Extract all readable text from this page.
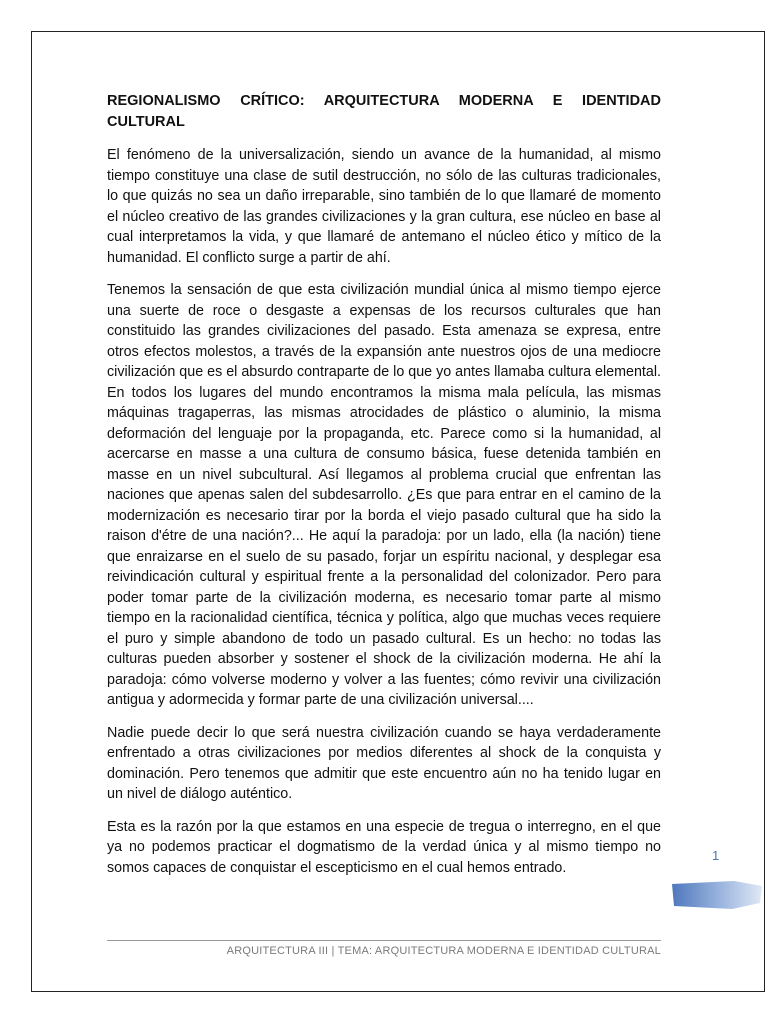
REGIONALISMO CRÍTICO: ARQUITECTURA MODERNA E IDENTIDAD CULTURAL

El fenómeno de la universalización, siendo un avance de la humanidad, al mismo tiempo constituye una clase de sutil destrucción, no sólo de las culturas tradicionales, lo que quizás no sea un daño irreparable, sino también de lo que llamaré de momento el núcleo creativo de las grandes civilizaciones y la gran cultura, ese núcleo en base al cual interpretamos la vida, y que llamaré de antemano el núcleo ético y mítico de la humanidad. El conflicto surge a partir de ahí.

Tenemos la sensación de que esta civilización mundial única al mismo tiempo ejerce una suerte de roce o desgaste a expensas de los recursos culturales que han constituido las grandes civilizaciones del pasado. Esta amenaza se expresa, entre otros efectos molestos, a través de la expansión ante nuestros ojos de una mediocre civilización que es el absurdo contraparte de lo que yo antes llamaba cultura elemental. En todos los lugares del mundo encontramos la misma mala película, las mismas máquinas tragaperras, las mismas atrocidades de plástico o aluminio, la misma deformación del lenguaje por la propaganda, etc. Parece como si la humanidad, al acercarse en masse a una cultura de consumo básica, fuese detenida también en masse en un nivel subcultural. Así llegamos al problema crucial que enfrentan las naciones que apenas salen del subdesarrollo. ¿Es que para entrar en el camino de la modernización es necesario tirar por la borda el viejo pasado cultural que ha sido la raison d'étre de una nación?... He aquí la paradoja: por un lado, ella (la nación) tiene que enraizarse en el suelo de su pasado, forjar un espíritu nacional, y desplegar esa reivindicación cultural y espiritual frente a la personalidad del colonizador. Pero para poder tomar parte de la civilización moderna, es necesario tomar parte al mismo tiempo en la racionalidad científica, técnica y política, algo que muchas veces requiere el puro y simple abandono de todo un pasado cultural. Es un hecho: no todas las culturas pueden absorber y sostener el shock de la civilización moderna. He ahí la paradoja: cómo volverse moderno y volver a las fuentes; cómo revivir una civilización antigua y adormecida y formar parte de una civilización universal....

Nadie puede decir lo que será nuestra civilización cuando se haya verdaderamente enfrentado a otras civilizaciones por medios diferentes al shock de la conquista y dominación. Pero tenemos que admitir que este encuentro aún no ha tenido lugar en un nivel de diálogo auténtico.

Esta es la razón por la que estamos en una especie de tregua o interregno, en el que ya no podemos practicar el dogmatismo de la verdad única y al mismo tiempo no somos capaces de conquistar el escepticismo en el cual hemos entrado.

1
ARQUITECTURA III | TEMA: ARQUITECTURA MODERNA E IDENTIDAD CULTURAL
